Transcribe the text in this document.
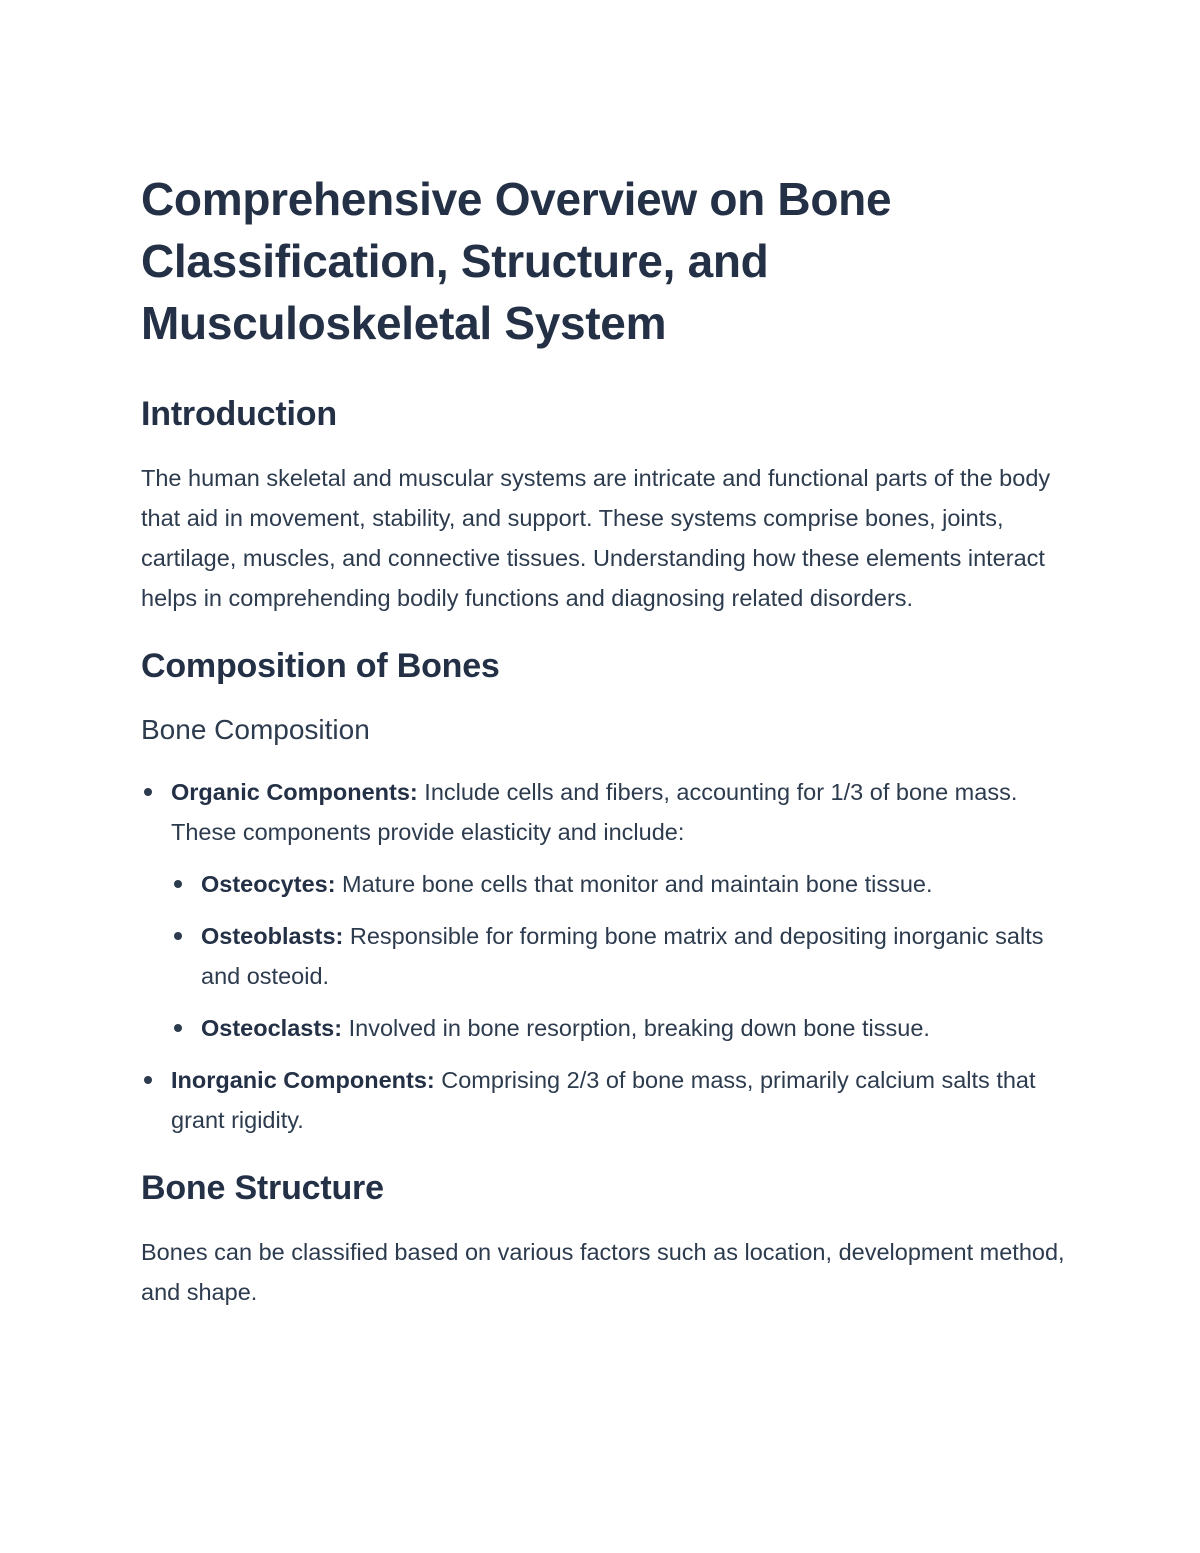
Comprehensive Overview on Bone Classification, Structure, and Musculoskeletal System
Introduction

The human skeletal and muscular systems are intricate and functional parts of the body that aid in movement, stability, and support. These systems comprise bones, joints, cartilage, muscles, and connective tissues. Understanding how these elements interact helps in comprehending bodily functions and diagnosing related disorders.

Composition of Bones
Bone Composition
Organic Components: Include cells and fibers, accounting for 1/3 of bone mass. These components provide elasticity and include:
Osteocytes: Mature bone cells that monitor and maintain bone tissue.
Osteoblasts: Responsible for forming bone matrix and depositing inorganic salts and osteoid.
Osteoclasts: Involved in bone resorption, breaking down bone tissue.
Inorganic Components: Comprising 2/3 of bone mass, primarily calcium salts that grant rigidity.
Bone Structure

Bones can be classified based on various factors such as location, development method, and shape.
